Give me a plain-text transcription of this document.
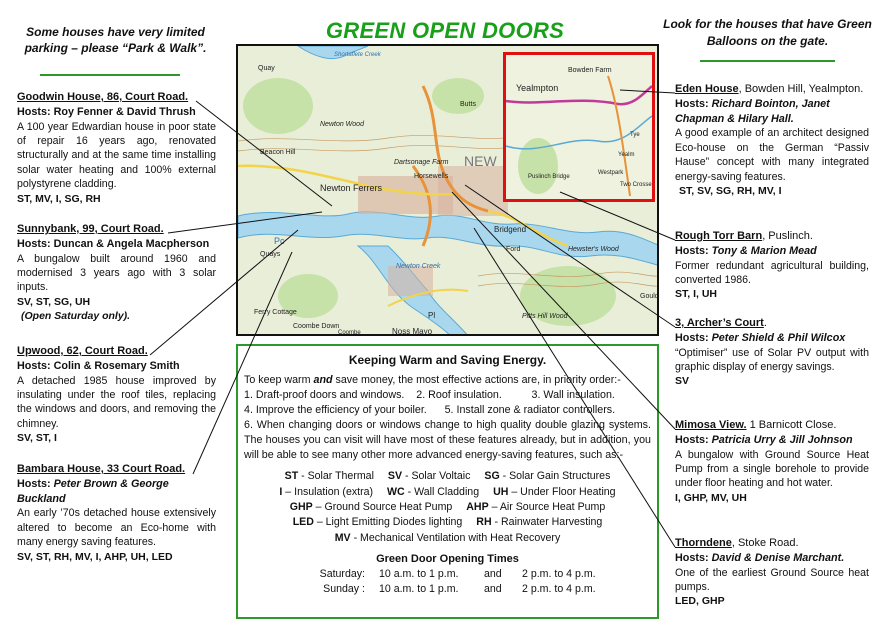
GREEN OPEN DOORS
Some houses have very limited parking – please “Park & Walk”.
Look for the houses that have Green Balloons on the gate.
Goodwin House, 86, Court Road.
Hosts: Roy Fenner & David Thrush
A 100 year Edwardian house in poor state of repair 16 years ago, renovated structurally and at the same time installing solar water heating and 100% external polystyrene cladding.
ST, MV, I, SG, RH
Sunnybank, 99, Court Road.
Hosts: Duncan & Angela Macpherson
A bungalow built around 1960 and modernised 3 years ago with 3 solar inputs.
SV, ST, SG, UH
(Open Saturday only).
Upwood, 62, Court Road.
Hosts: Colin & Rosemary Smith
A detached 1985 house improved by insulating under the roof tiles, replacing the windows and doors, and removing the chimney.
SV, ST, I
Bambara House, 33 Court Road.
Hosts: Peter Brown & George Buckland
An early ’70s detached house extensively altered to become an Eco-home with many energy saving features.
SV, ST, RH, MV, I, AHP, UH, LED
Eden House, Bowden Hill, Yealmpton.
Hosts: Richard Bointon, Janet Chapman & Hilary Hall.
A good example of an architect designed Eco-house on the German “Passiv Hause” concept with many integrated energy-saving features.
ST, SV, SG, RH, MV, I
Rough Torr Barn, Puslinch.
Hosts: Tony & Marion Mead
Former redundant agricultural building, converted 1986.
ST, I, UH
3, Archer’s Court.
Hosts: Peter Shield & Phil Wilcox
“Optimiser” use of Solar PV output with graphic display of energy savings.
SV
Mimosa View. 1 Barnicott Close.
Hosts: Patricia Urry & Jill Johnson
A bungalow with Ground Source Heat Pump from a single borehole to provide under floor heating and hot water.
I, GHP, MV, UH
Thorndene, Stoke Road.
Hosts: David & Denise Marchant.
One of the earliest Ground Source heat pumps.
LED, GHP
Newton Ferrers
Dartsonage Farm
Horsewells
Bridgend
Noss Mayo
Newton Wood
Beacon Hill
Quay
Quays
Ferry Cottage
Coombe Down
Pitts Hill Wood
Hewster's Wood
Yealmpton
Bowden Farm
Puslinch Bridge
Two Crosses
Westpark
Newton Creek
Ford
Gould
Pc
Shortaflete Creek
Butts
NEW
Pl
Tye
Yealm
Coombe
Keeping Warm and Saving Energy.
To keep warm and save money, the most effective actions are, in priority order:-
1. Draft-proof doors and windows.    2. Roof insulation.          3. Wall insulation.
4. Improve the efficiency of your boiler.      5. Install zone & radiator controllers.
6. When changing doors or windows change to high quality double glazing systems. The houses you can visit will have most of these features already, but in addition, you will be able to see many other more advanced energy-saving features, such as:-
ST - Solar Thermal SV - Solar Voltaic SG - Solar Gain Structures
I – Insulation (extra) WC - Wall Cladding UH – Under Floor Heating
GHP – Ground Source Heat Pump AHP – Air Source Heat Pump
LED – Light Emitting Diodes lighting RH - Rainwater Harvesting
MV - Mechanical Ventilation with Heat Recovery
Green Door Opening Times
Saturday:	10 a.m. to 1 p.m.	and	2 p.m. to 4 p.m.
Sunday :	10 a.m. to 1 p.m.	and	2 p.m. to 4 p.m.
